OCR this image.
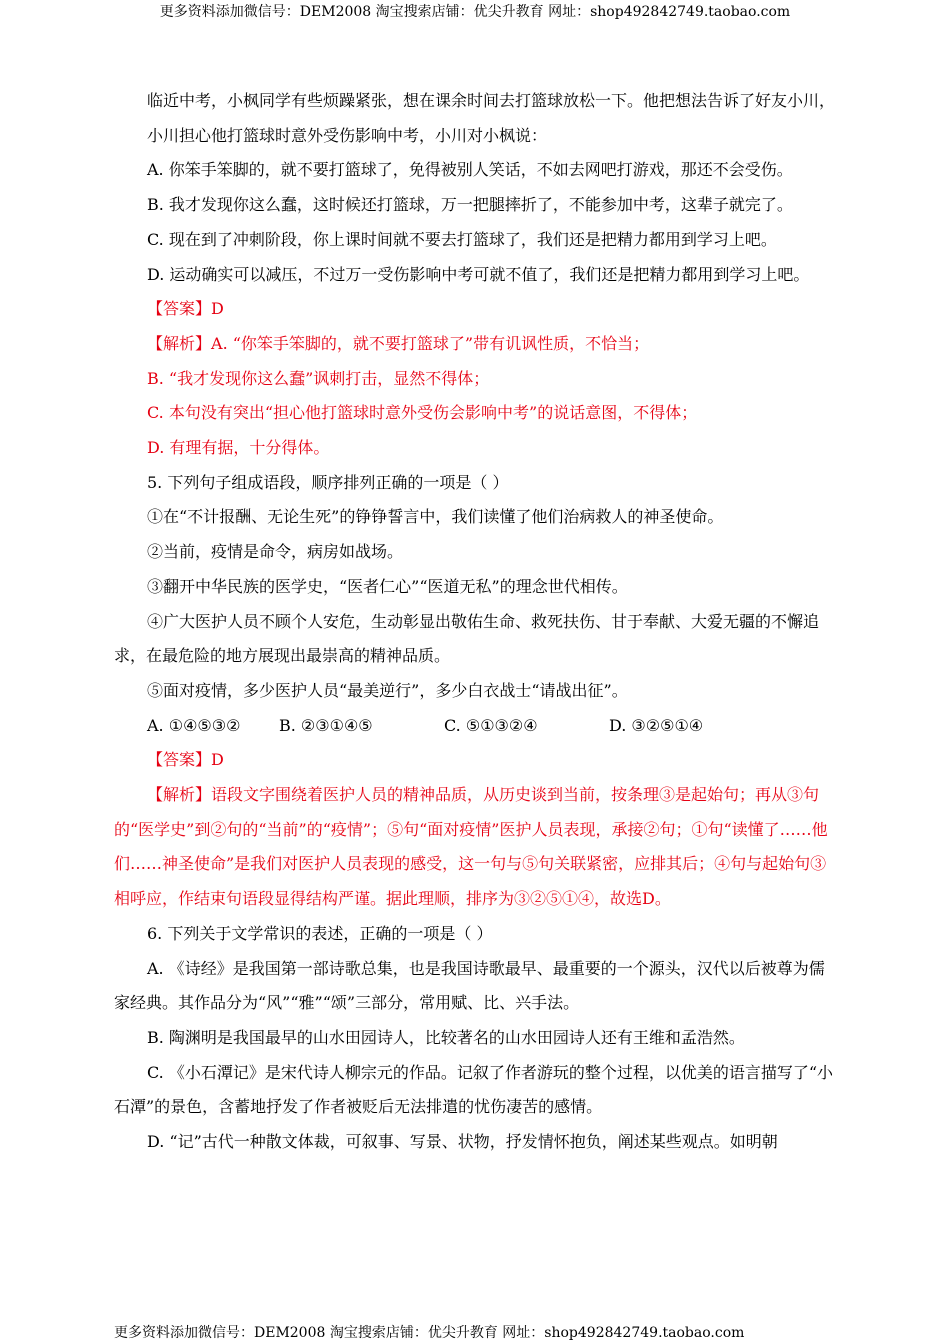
更多资料添加微信号：DEM2008 淘宝搜索店铺：优尖升教育 网址：shop492842749.taobao.com

临近中考，小枫同学有些烦躁紧张，想在课余时间去打篮球放松一下。他把想法告诉了好友小川，小川担心他打篮球时意外受伤影响中考，小川对小枫说：

A. 你笨手笨脚的，就不要打篮球了，免得被别人笑话，不如去网吧打游戏，那还不会受伤。

B. 我才发现你这么蠢，这时候还打篮球，万一把腿摔折了，不能参加中考，这辈子就完了。

C. 现在到了冲刺阶段，你上课时间就不要去打篮球了，我们还是把精力都用到学习上吧。

D. 运动确实可以减压，不过万一受伤影响中考可就不值了，我们还是把精力都用到学习上吧。

【答案】D

【解析】A. “你笨手笨脚的，就不要打篮球了”带有讥讽性质，不恰当；

B. “我才发现你这么蠢”讽刺打击，显然不得体；

C. 本句没有突出“担心他打篮球时意外受伤会影响中考”的说话意图，不得体；

D. 有理有据，十分得体。

5. 下列句子组成语段，顺序排列正确的一项是（ ）

①在“不计报酬、无论生死”的铮铮誓言中，我们读懂了他们治病救人的神圣使命。

②当前，疫情是命令，病房如战场。

③翻开中华民族的医学史，“医者仁心”“医道无私”的理念世代相传。

④广大医护人员不顾个人安危，生动彰显出敬佑生命、救死扶伤、甘于奉献、大爱无疆的不懈追求，在最危险的地方展现出最崇高的精神品质。

⑤面对疫情，多少医护人员“最美逆行”，多少白衣战士“请战出征”。

A. ①④⑤③② B. ②③①④⑤	C. ⑤①③②④	D. ③②⑤①④

【答案】D

【解析】语段文字围绕着医护人员的精神品质，从历史谈到当前，按条理③是起始句；再从③句的“医学史”到②句的“当前”的“疫情”；⑤句“面对疫情”医护人员表现，承接②句；①句“读懂了……他们……神圣使命”是我们对医护人员表现的感受，这一句与⑤句关联紧密，应排其后；④句与起始句③相呼应，作结束句语段显得结构严谨。据此理顺，排序为③②⑤①④，故选D。

6. 下列关于文学常识的表述，正确的一项是（ ）

A. 《诗经》是我国第一部诗歌总集，也是我国诗歌最早、最重要的一个源头，汉代以后被尊为儒家经典。其作品分为“风”“雅”“颂”三部分，常用赋、比、兴手法。

B. 陶渊明是我国最早的山水田园诗人，比较著名的山水田园诗人还有王维和孟浩然。

C. 《小石潭记》是宋代诗人柳宗元的作品。记叙了作者游玩的整个过程，以优美的语言描写了“小石潭”的景色，含蓄地抒发了作者被贬后无法排遣的忧伤凄苦的感情。

D. “记”古代一种散文体裁，可叙事、写景、状物，抒发情怀抱负，阐述某些观点。如明朝

更多资料添加微信号：DEM2008 淘宝搜索店铺：优尖升教育 网址：shop492842749.taobao.com
